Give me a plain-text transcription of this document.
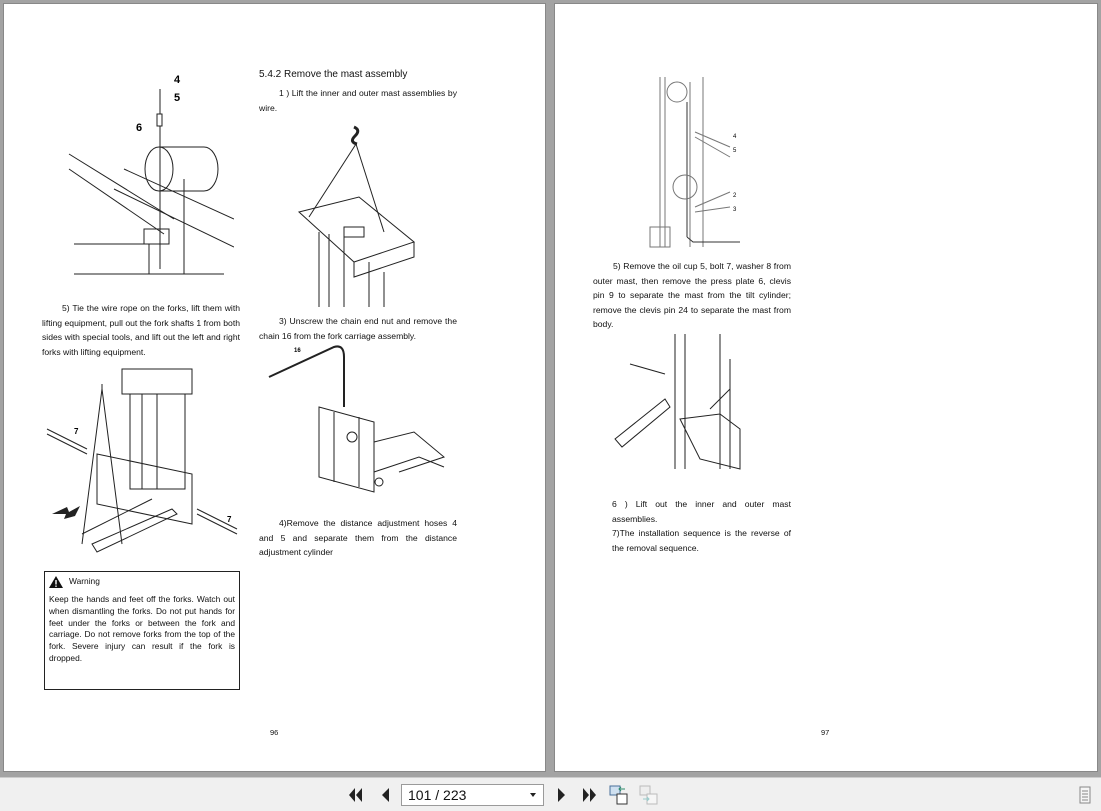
4
5
6
5) Tie the wire rope on the forks, lift them with lifting equipment, pull out the fork shafts 1 from both sides with special tools, and lift out the left and right forks with lifting equipment.
7
7
Warning
Keep the hands and feet off the forks. Watch out when dismantling the forks. Do not put hands for feet under the forks or between the fork and carriage. Do not remove forks from the top of the fork. Severe injury can result if the fork is dropped.
5.4.2 Remove the mast assembly
1 ) Lift the inner and outer mast assemblies by wire.
3) Unscrew the chain end nut and remove the chain 16 from the fork carriage assembly.
16
4)Remove the distance adjustment hoses 4 and 5 and separate them from the distance adjustment cylinder
96
4
5
2
3
5) Remove the oil cup 5, bolt 7, washer 8 from outer mast, then remove the press plate 6, clevis pin 9 to separate the mast from the tilt cylinder; remove the clevis pin 24 to separate the mast from body.
6 ) Lift out the inner and outer mast assemblies.
7)The installation sequence is the reverse of the removal sequence.
97
101 / 223
